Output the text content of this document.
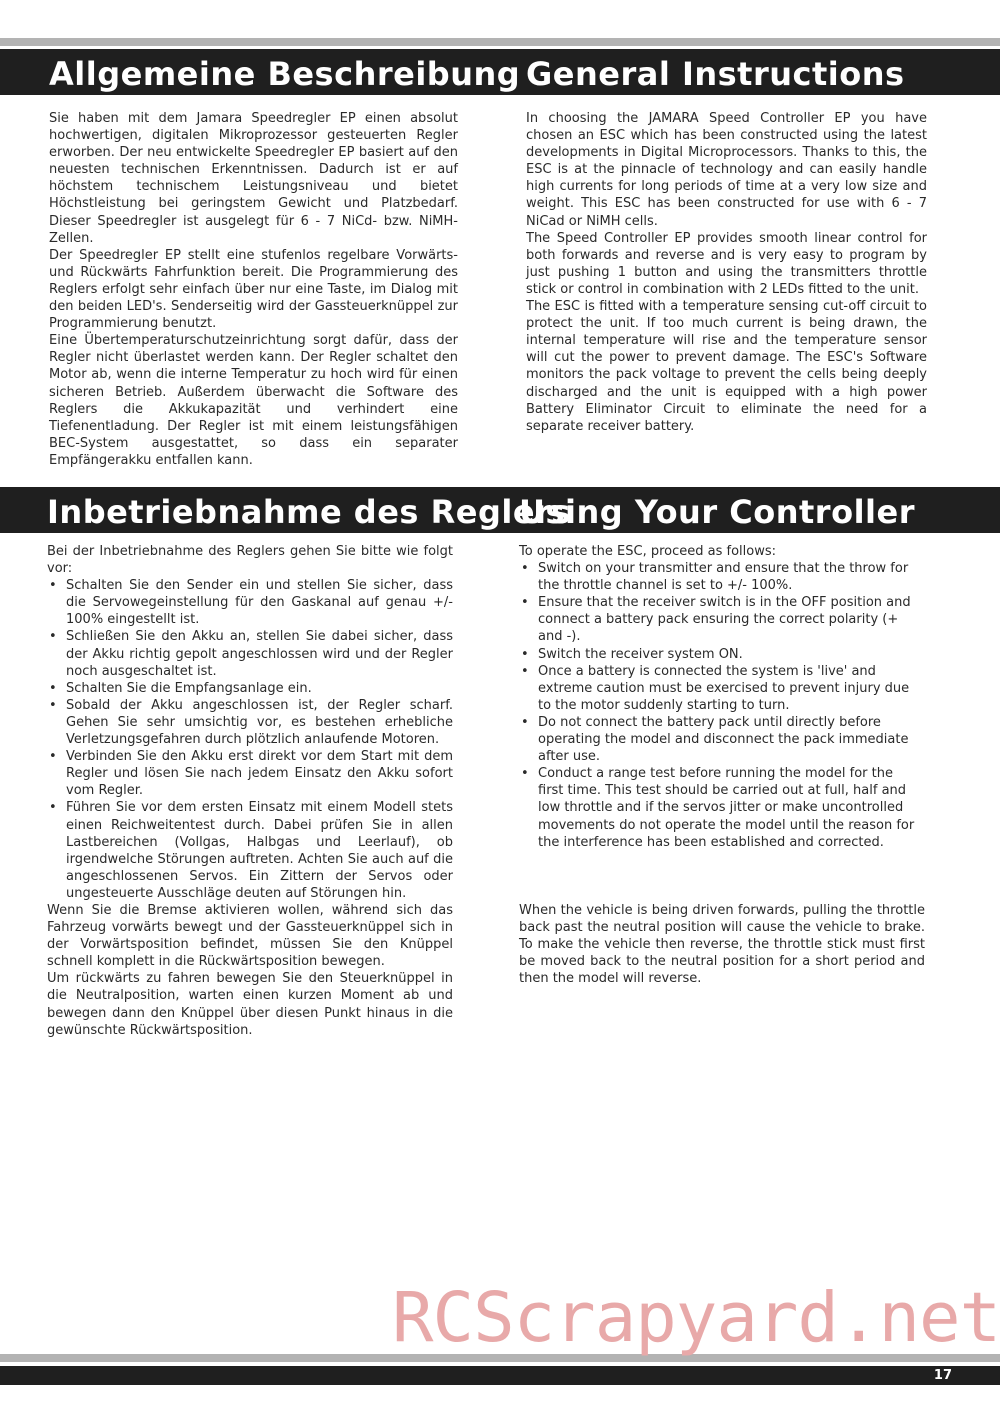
Allgemeine Beschreibung General Instructions

Sie haben mit dem Jamara Speedregler EP einen absolut hochwertigen, digitalen Mikroprozessor gesteuerten Regler erworben. Der neu entwickelte Speedregler EP basiert auf den neuesten technischen Erkenntnissen. Dadurch ist er auf höchstem technischem Leistungsniveau und bietet Höchstleistung bei geringstem Gewicht und Platzbedarf. Dieser Speedregler ist ausgelegt für 6 - 7 NiCd- bzw. NiMH-Zellen.

Der Speedregler EP stellt eine stufenlos regelbare Vorwärts- und Rückwärts Fahrfunktion bereit. Die Programmierung des Reglers erfolgt sehr einfach über nur eine Taste, im Dialog mit den beiden LED's. Senderseitig wird der Gassteuerknüppel zur Programmierung benutzt.

Eine Übertemperaturschutzeinrichtung sorgt dafür, dass der Regler nicht überlastet werden kann. Der Regler schaltet den Motor ab, wenn die interne Temperatur zu hoch wird für einen sicheren Betrieb. Außerdem überwacht die Software des Reglers die Akkukapazität und verhindert eine Tiefenentladung. Der Regler ist mit einem leistungsfähigen BEC-System ausgestattet, so dass ein separater Empfängerakku entfallen kann.

In choosing the JAMARA Speed Controller EP you have chosen an ESC which has been constructed using the latest developments in Digital Microprocessors. Thanks to this, the ESC is at the pinnacle of technology and can easily handle high currents for long periods of time at a very low size and weight. This ESC has been constructed for use with 6 - 7 NiCad or NiMH cells.

The Speed Controller EP provides smooth linear control for both forwards and reverse and is very easy to program by just pushing 1 button and using the transmitters throttle stick or control in combination with 2 LEDs fitted to the unit.

The ESC is fitted with a temperature sensing cut-off circuit to protect the unit. If too much current is being drawn, the internal temperature will rise and the temperature sensor will cut the power to prevent damage. The ESC's Software monitors the pack voltage to prevent the cells being deeply discharged and the unit is equipped with a high power Battery Eliminator Circuit to eliminate the need for a separate receiver battery.

Inbetriebnahme des Reglers
Using Your Controller

Bei der Inbetriebnahme des Reglers gehen Sie bitte wie folgt vor:

• Schalten Sie den Sender ein und stellen Sie sicher, dass die Servowegeinstellung für den Gaskanal auf genau +/- 100% eingestellt ist.
• Schließen Sie den Akku an, stellen Sie dabei sicher, dass der Akku richtig gepolt angeschlossen wird und der Regler noch ausgeschaltet ist.
• Schalten Sie die Empfangsanlage ein.
• Sobald der Akku angeschlossen ist, der Regler scharf. Gehen Sie sehr umsichtig vor, es bestehen erhebliche Verletzungsgefahren durch plötzlich anlaufende Motoren.
• Verbinden Sie den Akku erst direkt vor dem Start mit dem Regler und lösen Sie nach jedem Einsatz den Akku sofort vom Regler.
• Führen Sie vor dem ersten Einsatz mit einem Modell stets einen Reichweitentest durch. Dabei prüfen Sie in allen Lastbereichen (Vollgas, Halbgas und Leerlauf), ob irgendwelche Störungen auftreten. Achten Sie auch auf die angeschlossenen Servos. Ein Zittern der Servos oder ungesteuerte Ausschläge deuten auf Störungen hin.

To operate the ESC, proceed as follows:

• Switch on your transmitter and ensure that the throw for the throttle channel is set to +/- 100%.
• Ensure that the receiver switch is in the OFF position and connect a battery pack ensuring the correct polarity (+ and -).
• Switch the receiver system ON.
• Once a battery is connected the system is 'live' and extreme caution must be exercised to prevent injury due to the motor suddenly starting to turn.
• Do not connect the battery pack until directly before operating the model and disconnect the pack immediate after use.
• Conduct a range test before running the model for the first time. This test should be carried out at full, half and low throttle and if the servos jitter or make uncontrolled movements do not operate the model until the reason for the interference has been established and corrected.

Wenn Sie die Bremse aktivieren wollen, während sich das Fahrzeug vorwärts bewegt und der Gassteuerknüppel sich in der Vorwärtsposition befindet, müssen Sie den Knüppel schnell komplett in die Rückwärtsposition bewegen.

Um rückwärts zu fahren bewegen Sie den Steuerknüppel in die Neutralposition, warten einen kurzen Moment ab und bewegen dann den Knüppel über diesen Punkt hinaus in die gewünschte Rückwärtsposition.

When the vehicle is being driven forwards, pulling the throttle back past the neutral position will cause the vehicle to brake. To make the vehicle then reverse, the throttle stick must first be moved back to the neutral position for a short period and then the model will reverse.

RCScrapyard.net
17
